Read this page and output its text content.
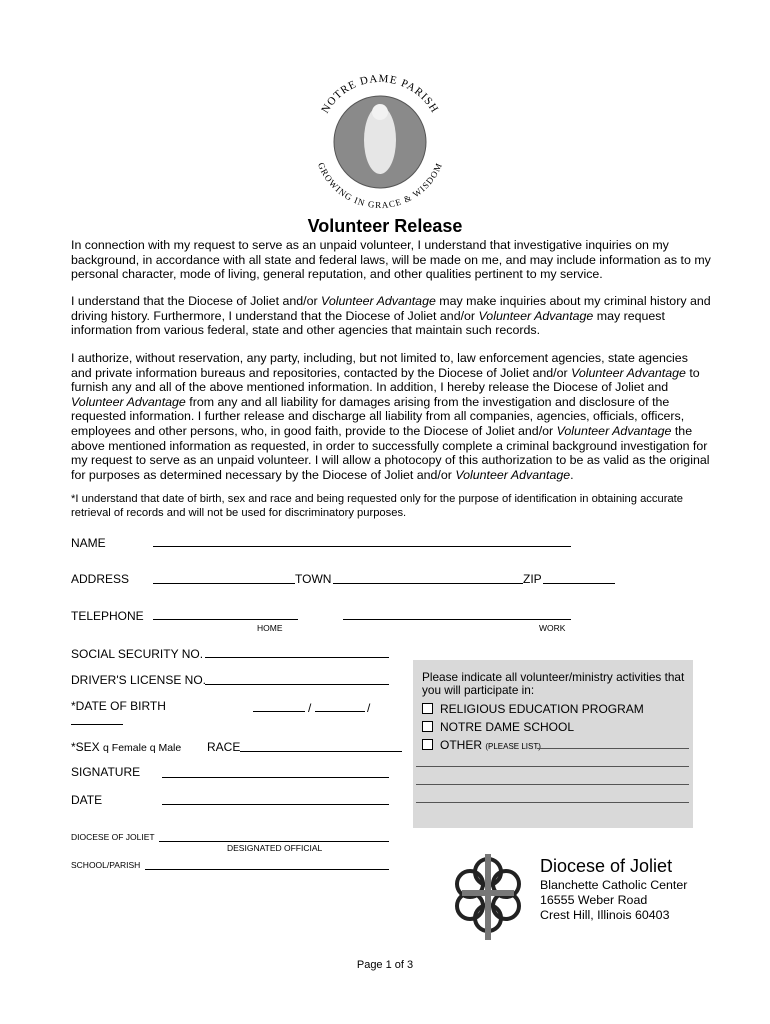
NOTRE DAME PARISH
GROWING IN GRACE & WISDOM
Volunteer Release
In connection with my request to serve as an unpaid volunteer, I understand that investigative inquiries on my background, in accordance with all state and federal laws, will be made on me, and may include information as to my personal character, mode of living, general reputation, and other qualities pertinent to my service.
I understand that the Diocese of Joliet and/or Volunteer Advantage may make inquiries about my criminal history and driving history. Furthermore, I understand that the Diocese of Joliet and/or Volunteer Advantage may request information from various federal, state and other agencies that maintain such records.
I authorize, without reservation, any party, including, but not limited to, law enforcement agencies, state agencies and private information bureaus and repositories, contacted by the Diocese of Joliet and/or Volunteer Advantage to furnish any and all of the above mentioned information. In addition, I hereby release the Diocese of Joliet and Volunteer Advantage from any and all liability for damages arising from the investigation and disclosure of the requested information. I further release and discharge all liability from all companies, agencies, officials, officers, employees and other persons, who, in good faith, provide to the Diocese of Joliet and/or Volunteer Advantage the above mentioned information as requested, in order to successfully complete a criminal background investigation for my request to serve as an unpaid volunteer. I will allow a photocopy of this authorization to be as valid as the original for purposes as determined necessary by the Diocese of Joliet and/or Volunteer Advantage.
*I understand that date of birth, sex and race and being requested only for the purpose of identification in obtaining accurate retrieval of records and will not be used for discriminatory purposes.
NAME
ADDRESS	TOWN	ZIP
TELEPHONE
HOME	WORK
SOCIAL SECURITY NO.
DRIVER'S LICENSE NO.
*DATE OF BIRTH	/	/
*SEX q Female q Male RACE
SIGNATURE
DATE
DIOCESE OF JOLIET
DESIGNATED OFFICIAL
SCHOOL/PARISH
Please indicate all volunteer/ministry activities that you will participate in:
RELIGIOUS EDUCATION PROGRAM
NOTRE DAME SCHOOL
OTHER (PLEASE LIST)
Diocese of Joliet
Blanchette Catholic Center
16555 Weber Road
Crest Hill, Illinois 60403
Page 1 of 3
